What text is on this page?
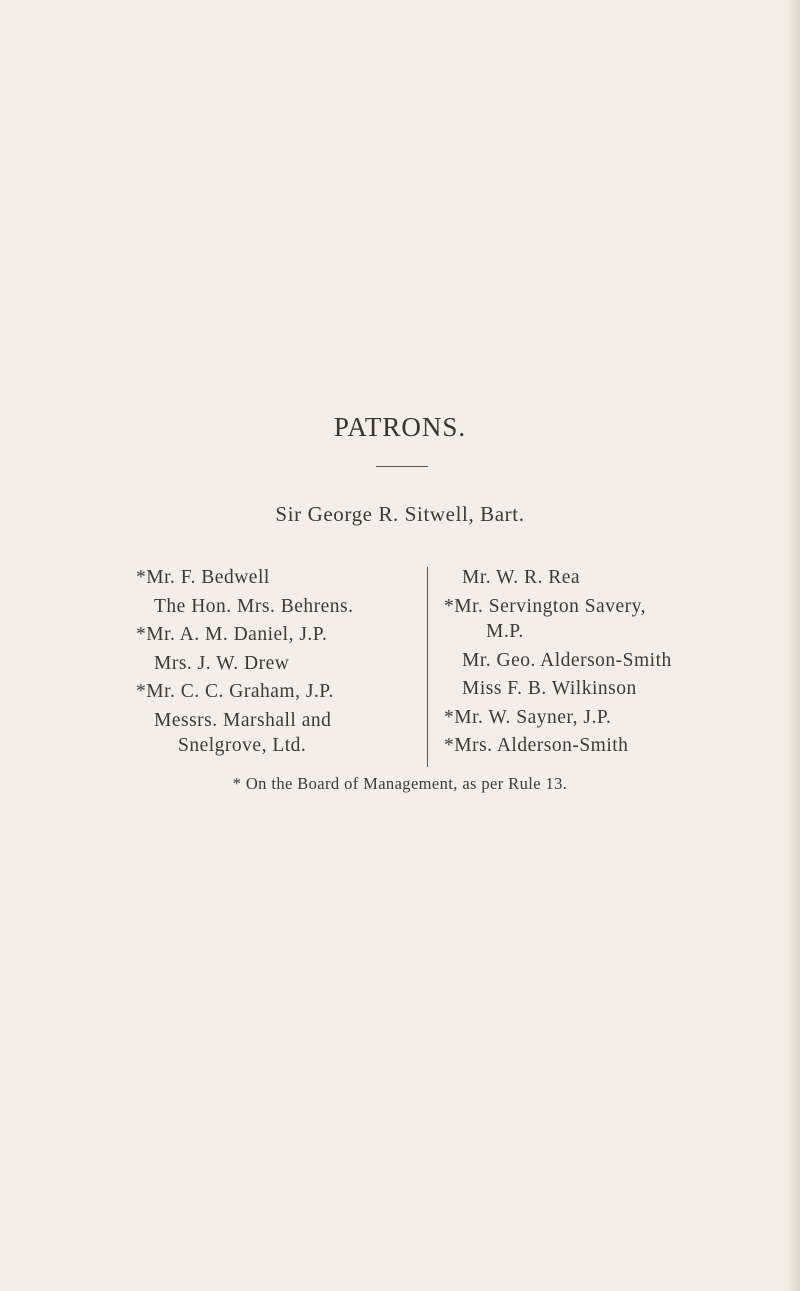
PATRONS.
Sir George R. Sitwell, Bart.
*Mr. F. Bedwell
The Hon. Mrs. Behrens.
*Mr. A. M. Daniel, J.P.
Mrs. J. W. Drew
*Mr. C. C. Graham, J.P.
Messrs. Marshall and
Snelgrove, Ltd.
Mr. W. R. Rea
*Mr. Servington Savery,
M.P.
Mr. Geo. Alderson-Smith
Miss F. B. Wilkinson
*Mr. W. Sayner, J.P.
*Mrs. Alderson-Smith
* On the Board of Management, as per Rule 13.
